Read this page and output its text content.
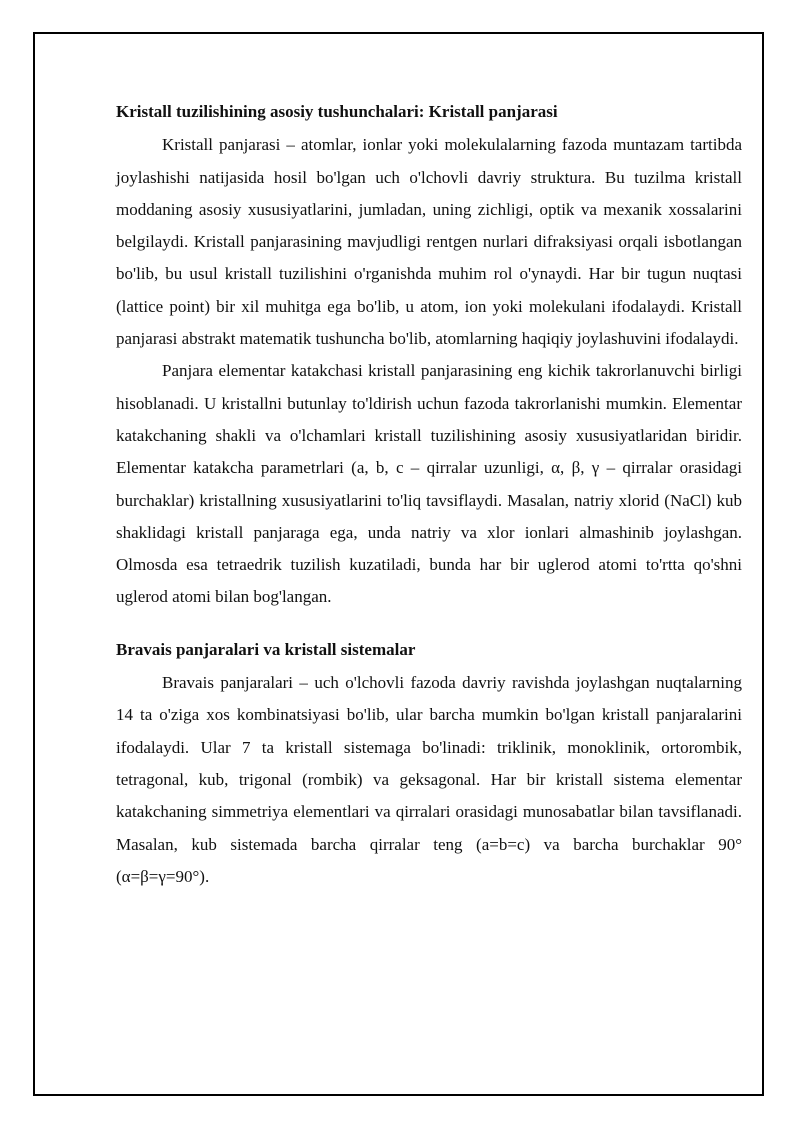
Kristall tuzilishining asosiy tushunchalari: Kristall panjarasi

Kristall panjarasi – atomlar, ionlar yoki molekulalarning fazoda muntazam tartibda joylashishi natijasida hosil bo'lgan uch o'lchovli davriy struktura. Bu tuzilma kristall moddaning asosiy xususiyatlarini, jumladan, uning zichligi, optik va mexanik xossalarini belgilaydi. Kristall panjarasining mavjudligi rentgen nurlari difraksiyasi orqali isbotlangan bo'lib, bu usul kristall tuzilishini o'rganishda muhim rol o'ynaydi. Har bir tugun nuqtasi (lattice point) bir xil muhitga ega bo'lib, u atom, ion yoki molekulani ifodalaydi. Kristall panjarasi abstrakt matematik tushuncha bo'lib, atomlarning haqiqiy joylashuvini ifodalaydi.

Panjara elementar katakchasi kristall panjarasining eng kichik takrorlanuvchi birligi hisoblanadi. U kristallni butunlay to'ldirish uchun fazoda takrorlanishi mumkin. Elementar katakchaning shakli va o'lchamlari kristall tuzilishining asosiy xususiyatlaridan biridir. Elementar katakcha parametrlari (a, b, c – qirralar uzunligi, α, β, γ – qirralar orasidagi burchaklar) kristallning xususiyatlarini to'liq tavsiflaydi. Masalan, natriy xlorid (NaCl) kub shaklidagi kristall panjaraga ega, unda natriy va xlor ionlari almashinib joylashgan. Olmosda esa tetraedrik tuzilish kuzatiladi, bunda har bir uglerod atomi to'rtta qo'shni uglerod atomi bilan bog'langan.

Bravais panjaralari va kristall sistemalar

Bravais panjaralari – uch o'lchovli fazoda davriy ravishda joylashgan nuqtalarning 14 ta o'ziga xos kombinatsiyasi bo'lib, ular barcha mumkin bo'lgan kristall panjaralarini ifodalaydi. Ular 7 ta kristall sistemaga bo'linadi: triklinik, monoklinik, ortorombik, tetragonal, kub, trigonal (rombik) va geksagonal. Har bir kristall sistema elementar katakchaning simmetriya elementlari va qirralari orasidagi munosabatlar bilan tavsiflanadi. Masalan, kub sistemada barcha qirralar teng (a=b=c) va barcha burchaklar 90° (α=β=γ=90°).
